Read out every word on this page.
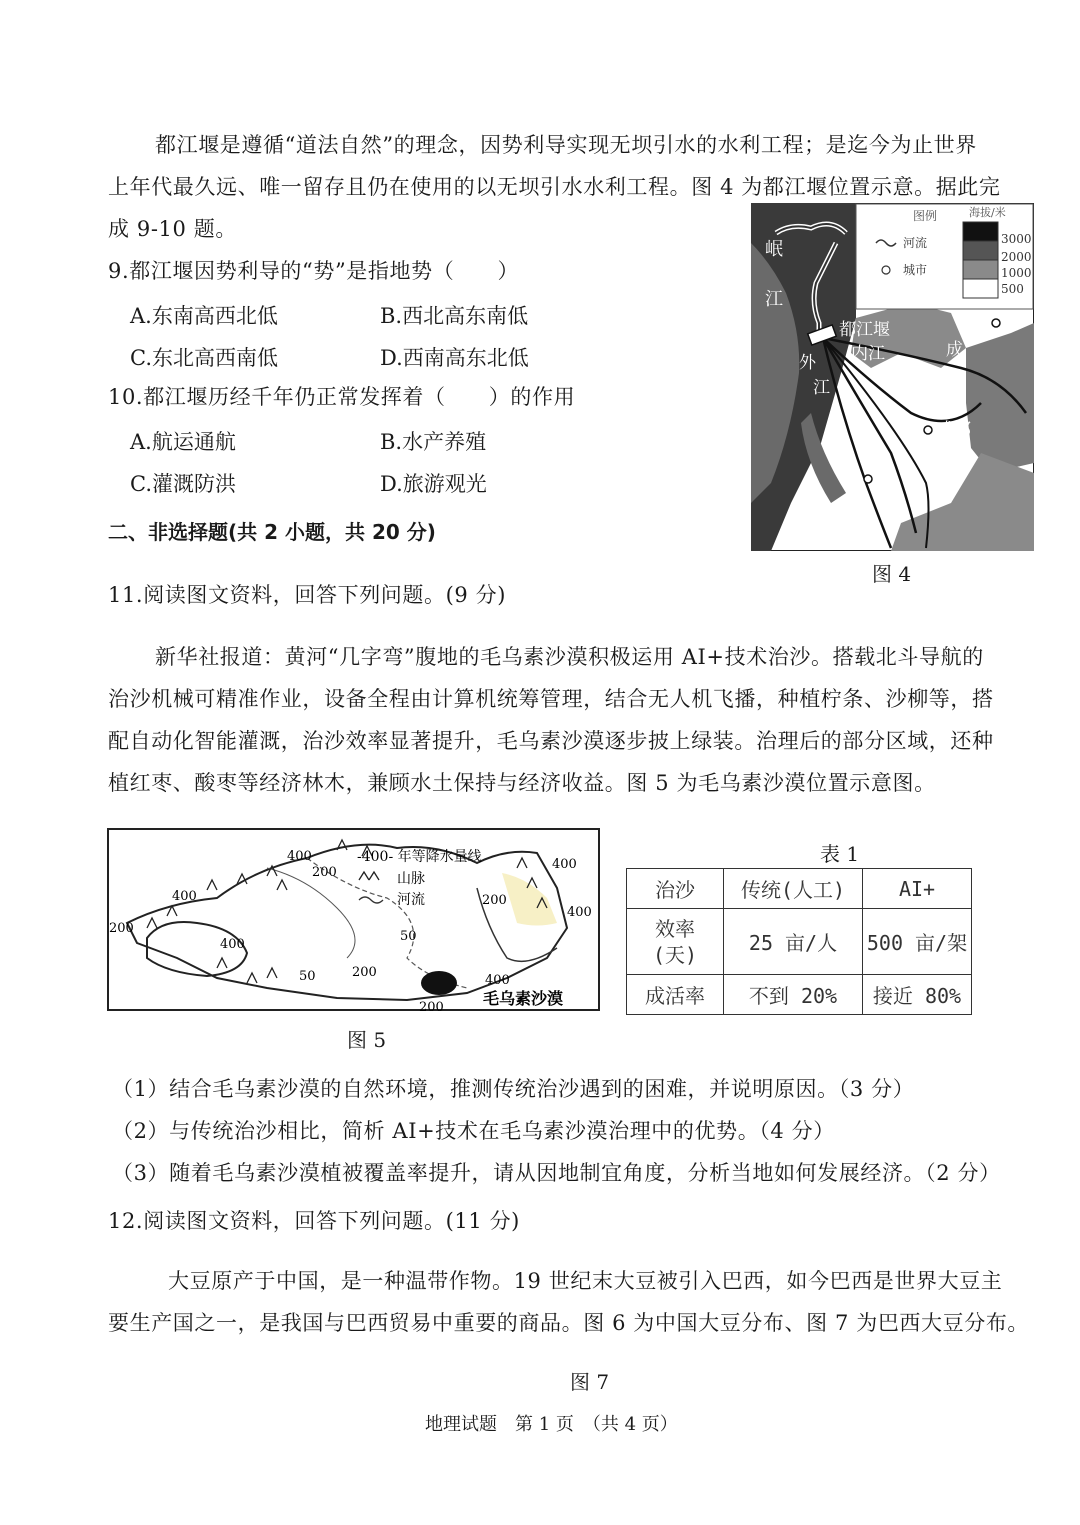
都江堰是遵循“道法自然”的理念，因势利导实现无坝引水的水利工程；是迄今为止世界
上年代最久远、唯一留存且仍在使用的以无坝引水水利工程。图 4 为都江堰位置示意。据此完
成 9-10 题。
9.都江堰因势利导的“势”是指地势（　　）
A.东南高西北低	B.西北高东南低
C.东北高西南低	D.西南高东北低
10.都江堰历经千年仍正常发挥着（　　）的作用
A.航运通航	B.水产养殖
C.灌溉防洪	D.旅游观光
二、非选择题(共 2 小题，共 20 分)
岷
江
都江堰
内江
外
江
成
都
平
原
成都
图例	海拔/米
河流
城市
3000
2000
1000
500
图 4
11.阅读图文资料，回答下列问题。(9 分)
新华社报道：黄河“几字弯”腹地的毛乌素沙漠积极运用 AI+技术治沙。搭载北斗导航的
治沙机械可精准作业，设备全程由计算机统筹管理，结合无人机飞播，种植柠条、沙柳等，搭
配自动化智能灌溉，治沙效率显著提升，毛乌素沙漠逐步披上绿装。治理后的部分区域，还种
植红枣、酸枣等经济林木，兼顾水土保持与经济收益。图 5 为毛乌素沙漠位置示意图。
400
200
400
200
400
200
50
400
400
200
50	400
200
-400- 年等降水量线
山脉
河流
毛乌素沙漠
图 5
表 1
治沙	传统(人工)	AI+
效率
(天)	25 亩/人	500 亩/架
成活率	不到 20%	接近 80%
（1）结合毛乌素沙漠的自然环境，推测传统治沙遇到的困难，并说明原因。（3 分）
（2）与传统治沙相比，简析 AI+技术在毛乌素沙漠治理中的优势。（4 分）
（3）随着毛乌素沙漠植被覆盖率提升，请从因地制宜角度，分析当地如何发展经济。（2 分）
12.阅读图文资料，回答下列问题。(11 分)
大豆原产于中国，是一种温带作物。19 世纪末大豆被引入巴西，如今巴西是世界大豆主
要生产国之一，是我国与巴西贸易中重要的商品。图 6 为中国大豆分布、图 7 为巴西大豆分布。
图 7
地理试题　第 1 页　（共 4 页）
